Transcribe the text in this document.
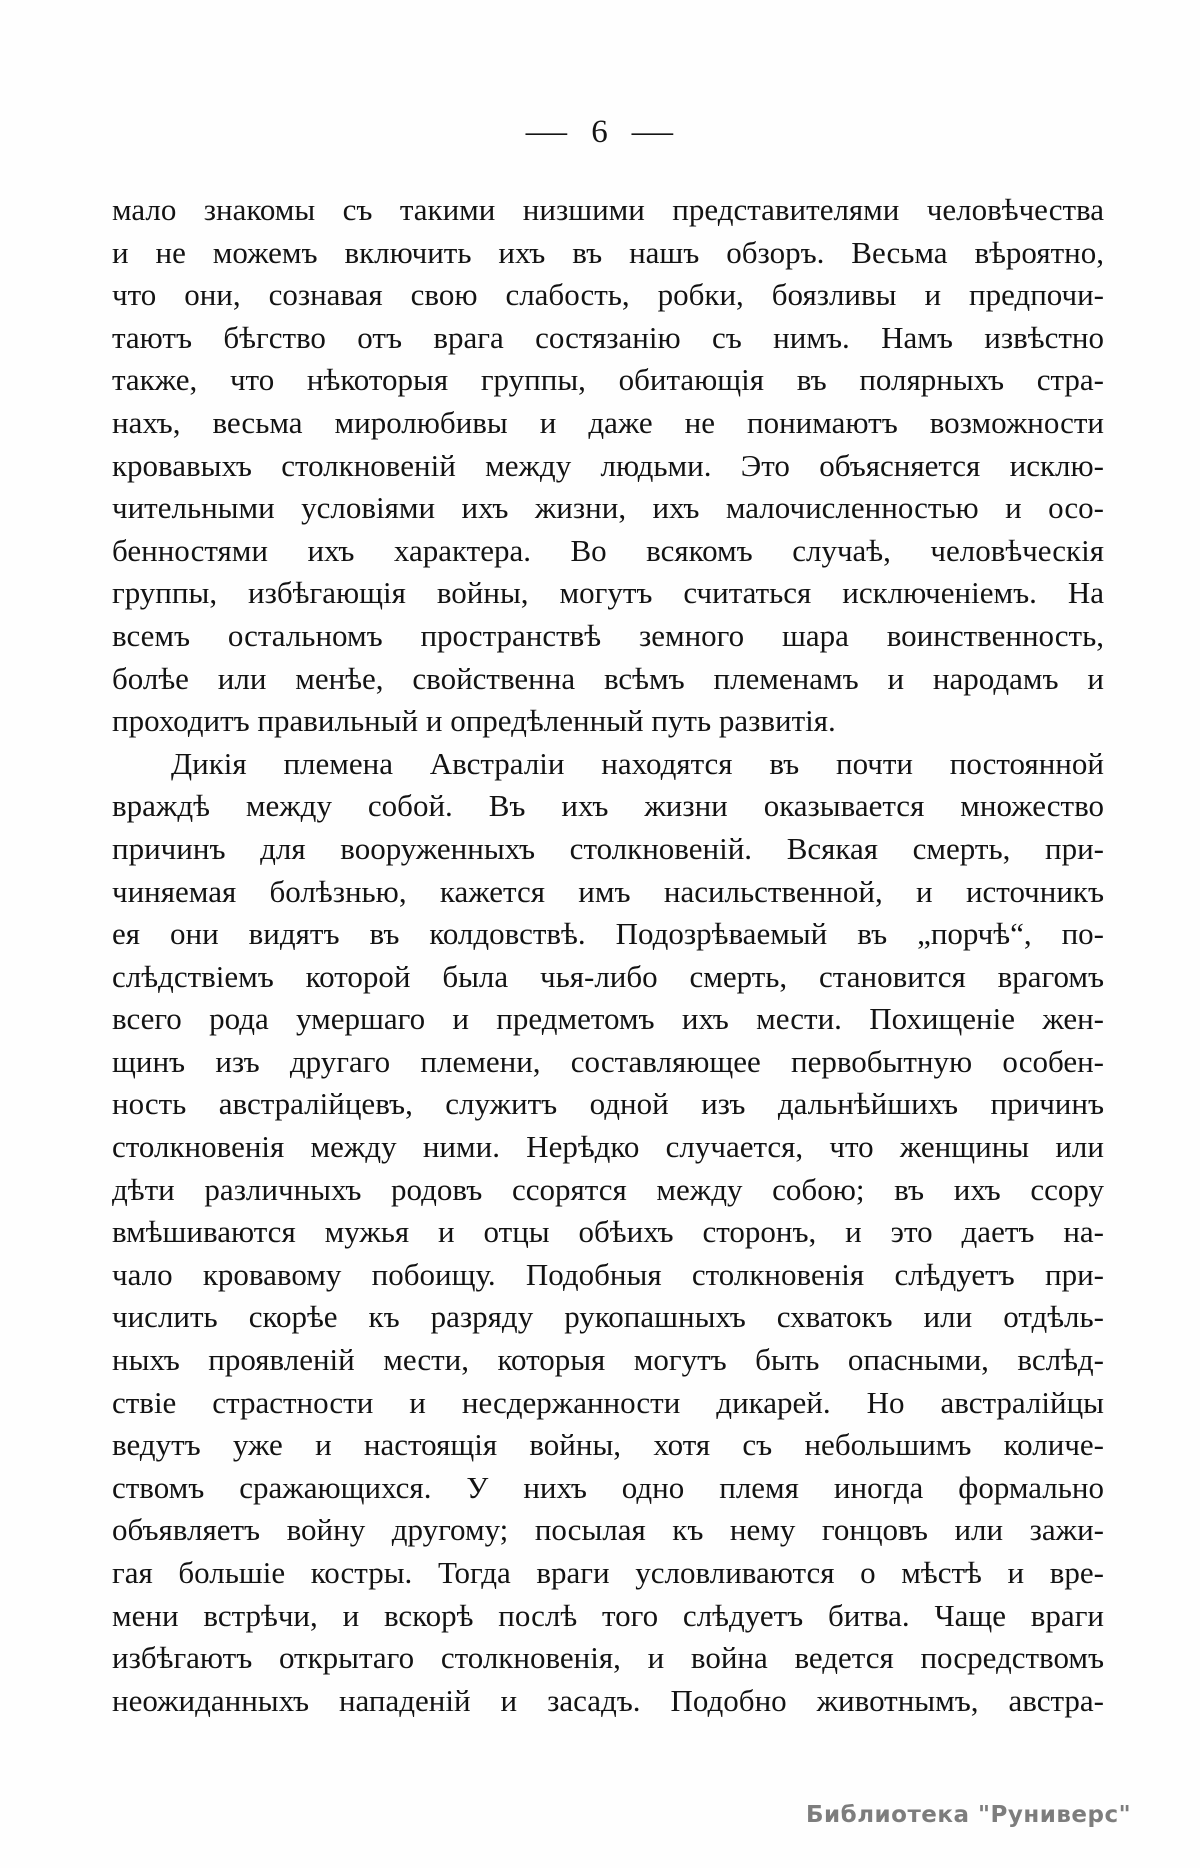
— 6 —
мало знакомы съ такими низшими представителями человѣчества
и не можемъ включить ихъ въ нашъ обзоръ. Весьма вѣроятно,
что они, сознавая свою слабость, робки, боязливы и предпочи-
таютъ бѣгство отъ врага состязанію съ нимъ. Намъ извѣстно
также, что нѣкоторыя группы, обитающія въ полярныхъ стра-
нахъ, весьма миролюбивы и даже не понимаютъ возможности
кровавыхъ столкновеній между людьми. Это объясняется исклю-
чительными условіями ихъ жизни, ихъ малочисленностью и осо-
бенностями ихъ характера. Во всякомъ случаѣ, человѣческія
группы, избѣгающія войны, могутъ считаться исключеніемъ. На
всемъ остальномъ пространствѣ земного шара воинственность,
болѣе или менѣе, свойственна всѣмъ племенамъ и народамъ и
проходитъ правильный и опредѣленный путь развитія.
Дикія племена Австраліи находятся въ почти постоянной
враждѣ между собой. Въ ихъ жизни оказывается множество
причинъ для вооруженныхъ столкновеній. Всякая смерть, при-
чиняемая болѣзнью, кажется имъ насильственной, и источникъ
ея они видятъ въ колдовствѣ. Подозрѣваемый въ „порчѣ“, по-
слѣдствіемъ которой была чья-либо смерть, становится врагомъ
всего рода умершаго и предметомъ ихъ мести. Похищеніе жен-
щинъ изъ другаго племени, составляющее первобытную особен-
ность австралійцевъ, служитъ одной изъ дальнѣйшихъ причинъ
столкновенія между ними. Нерѣдко случается, что женщины или
дѣти различныхъ родовъ ссорятся между собою; въ ихъ ссору
вмѣшиваются мужья и отцы обѣихъ сторонъ, и это даетъ на-
чало кровавому побоищу. Подобныя столкновенія слѣдуетъ при-
числить скорѣе къ разряду рукопашныхъ схватокъ или отдѣль-
ныхъ проявленій мести, которыя могутъ быть опасными, вслѣд-
ствіе страстности и несдержанности дикарей. Но австралійцы
ведутъ уже и настоящія войны, хотя съ небольшимъ количе-
ствомъ сражающихся. У нихъ одно племя иногда формально
объявляетъ войну другому; посылая къ нему гонцовъ или зажи-
гая большіе костры. Тогда враги условливаются о мѣстѣ и вре-
мени встрѣчи, и вскорѣ послѣ того слѣдуетъ битва. Чаще враги
избѣгаютъ открытаго столкновенія, и война ведется посредствомъ
неожиданныхъ нападеній и засадъ. Подобно животнымъ, австра-
Библиотека "Руниверс"
